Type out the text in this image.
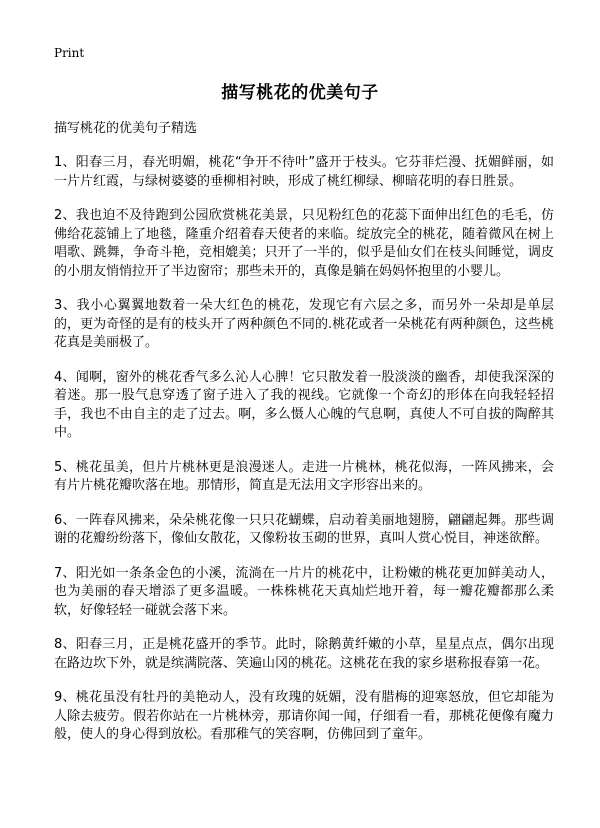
Print
描写桃花的优美句子

描写桃花的优美句子精选

1、阳春三月，春光明媚，桃花“争开不待叶”盛开于枝头。它芬菲烂漫、抚媚鲜丽，如一片片红霞，与绿树婆婆的垂柳相衬映，形成了桃红柳绿、柳暗花明的春日胜景。

2、我也迫不及待跑到公园欣赏桃花美景，只见粉红色的花蕊下面伸出红色的毛毛，仿佛给花蕊铺上了地毯，隆重介绍着春天使者的来临。绽放完全的桃花，随着微风在树上唱歌、跳舞，争奇斗艳，竞相媲美；只开了一半的，似乎是仙女们在枝头间睡觉，调皮的小朋友悄悄拉开了半边窗帘；那些未开的，真像是躺在妈妈怀抱里的小婴儿。

3、我小心翼翼地数着一朵大红色的桃花，发现它有六层之多，而另外一朵却是单层的，更为奇怪的是有的枝头开了两种颜色不同的.桃花或者一朵桃花有两种颜色，这些桃花真是美丽极了。

4、闻啊，窗外的桃花香气多么沁人心脾！它只散发着一股淡淡的幽香，却使我深深的着迷。那一股气息穿透了窗子进入了我的视线。它就像一个奇幻的形体在向我轻轻招手，我也不由自主的走了过去。啊，多么慑人心魄的气息啊，真使人不可自拔的陶醉其中。

5、桃花虽美，但片片桃林更是浪漫迷人。走进一片桃林，桃花似海，一阵风拂来，会有片片桃花瓣吹落在地。那情形，简直是无法用文字形容出来的。

6、一阵春风拂来，朵朵桃花像一只只花蝴蝶，启动着美丽地翅膀，翩翩起舞。那些调谢的花瓣纷纷落下，像仙女散花，又像粉妆玉砌的世界，真叫人赏心悦目，神迷欲醉。

7、阳光如一条条金色的小溪，流淌在一片片的桃花中，让粉嫩的桃花更加鲜美动人，也为美丽的春天增添了更多温暖。一株株桃花天真灿烂地开着，每一瓣花瓣都那么柔软，好像轻轻一碰就会落下来。

8、阳春三月，正是桃花盛开的季节。此时，除鹅黄纤嫩的小草，星星点点，偶尔出现在路边坎下外，就是缤满院落、笑遍山冈的桃花。这桃花在我的家乡堪称报春第一花。

9、桃花虽没有牡丹的美艳动人，没有玫瑰的妩媚，没有腊梅的迎寒怒放，但它却能为人除去疲劳。假若你站在一片桃林旁，那请你闻一闻，仔细看一看，那桃花便像有魔力般，使人的身心得到放松。看那稚气的笑容啊，仿佛回到了童年。
